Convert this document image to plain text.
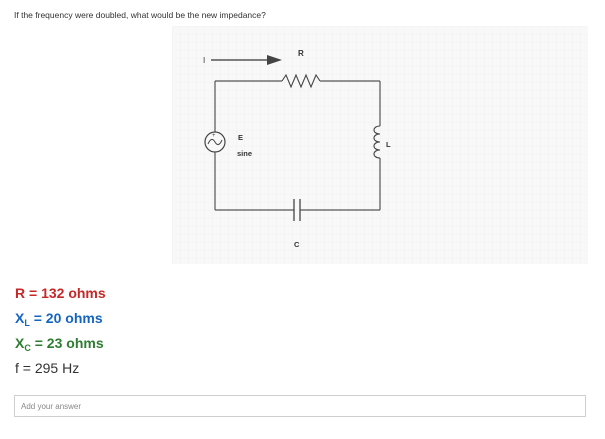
If the frequency were doubled, what would be the new impedance?
I
R
+	E
sine
L
C
R = 132 ohms
$X_L = 20$ ohms
$X_C = 23$ ohms
f = 295 Hz
Add your answer
